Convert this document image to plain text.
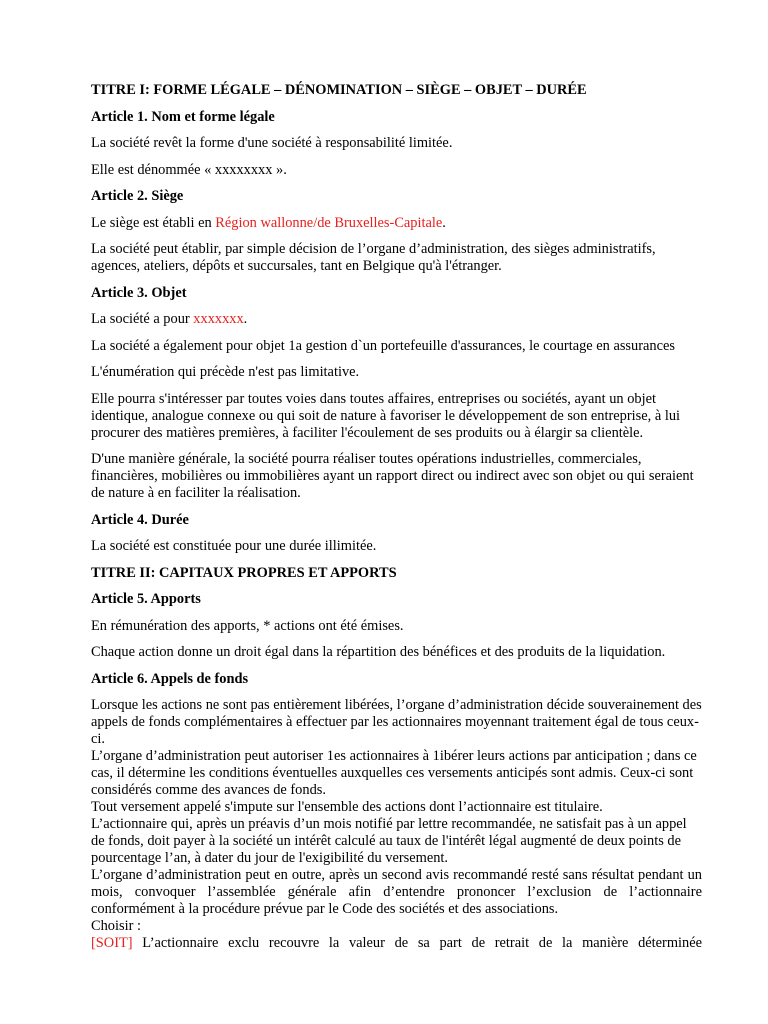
TITRE I: FORME LÉGALE – DÉNOMINATION – SIÈGE – OBJET – DURÉE
Article 1. Nom et forme légale
La société revêt la forme d'une société à responsabilité limitée.
Elle est dénommée « xxxxxxxx ».
Article 2. Siège
Le siège est établi en Région wallonne/de Bruxelles-Capitale.
La société peut établir, par simple décision de l’organe d’administration, des sièges administratifs, agences, ateliers, dépôts et succursales, tant en Belgique qu'à l'étranger.
Article 3. Objet
La société a pour xxxxxxx.
La société a également pour objet 1a gestion d`un portefeuille d'assurances, le courtage en assurances
L'énumération qui précède n'est pas limitative.
Elle pourra s'intéresser par toutes voies dans toutes affaires, entreprises ou sociétés, ayant un objet identique, analogue connexe ou qui soit de nature à favoriser le développement de son entreprise, à lui procurer des matières premières, à faciliter l'écoulement de ses produits ou à élargir sa clientèle.
D'une manière générale, la société pourra réaliser toutes opérations industrielles, commerciales, financières, mobilières ou immobilières ayant un rapport direct ou indirect avec son objet ou qui seraient de nature à en faciliter la réalisation.
Article 4. Durée
La société est constituée pour une durée illimitée.
TITRE II: CAPITAUX PROPRES ET APPORTS
Article 5. Apports
En rémunération des apports, * actions ont été émises.
Chaque action donne un droit égal dans la répartition des bénéfices et des produits de la liquidation.
Article 6. Appels de fonds
Lorsque les actions ne sont pas entièrement libérées, l’organe d’administration décide souverainement des appels de fonds complémentaires à effectuer par les actionnaires moyennant traitement égal de tous ceux-ci.
L’organe d’administration peut autoriser 1es actionnaires à 1ibérer leurs actions par anticipation ; dans ce cas, il détermine les conditions éventuelles auxquelles ces versements anticipés sont admis. Ceux-ci sont considérés comme des avances de fonds.
Tout versement appelé s'impute sur l'ensemble des actions dont l’actionnaire est titulaire.
L’actionnaire qui, après un préavis d’un mois notifié par lettre recommandée, ne satisfait pas à un appel de fonds, doit payer à la société un intérêt calculé au taux de l'intérêt légal augmenté de deux points de pourcentage l’an, à dater du jour de l'exigibilité du versement.
L’organe d’administration peut en outre, après un second avis recommandé resté sans résultat pendant un mois, convoquer l’assemblée générale afin d’entendre prononcer l’exclusion de l’actionnaire conformément à la procédure prévue par le Code des sociétés et des associations.
Choisir :
[SOIT] L’actionnaire exclu recouvre la valeur de sa part de retrait de la manière déterminée
